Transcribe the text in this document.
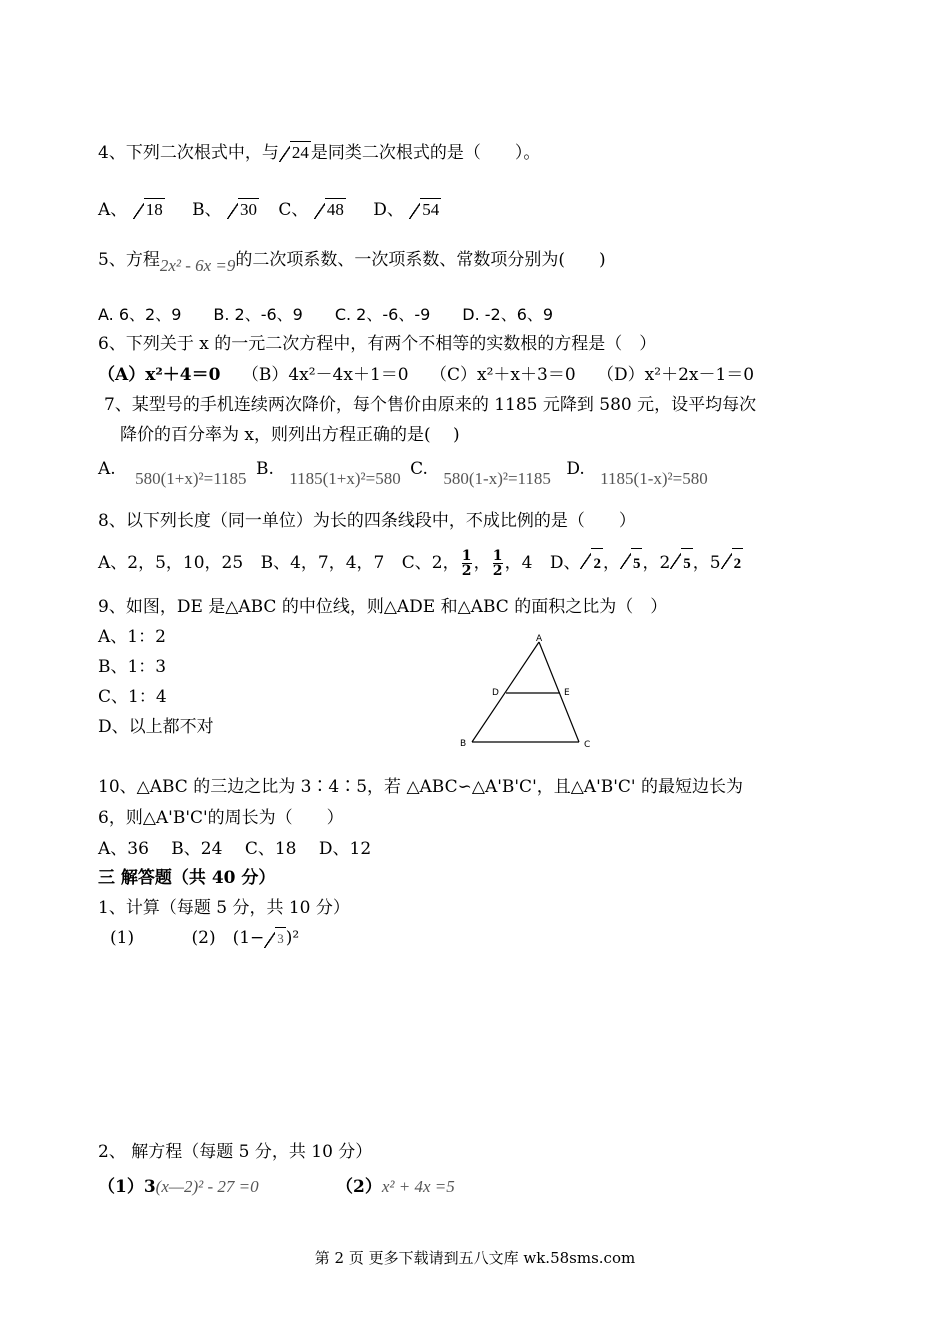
4、下列二次根式中，与 24 是同类二次根式的是（　　）。
A、 18 B、 30 C、 48 D、 54
5、方程2x² - 6x =9的二次项系数、一次项系数、常数项分别为(　　)
A. 6、2、9　　B. 2、-6、9　　C. 2、-6、-9　　D. -2、6、9
6、下列关于 x 的一元二次方程中，有两个不相等的实数根的方程是（　）
（A）x²＋4＝0 （B）4x²－4x＋1＝0 （C）x²＋x＋3＝0 （D）x²＋2x－1＝0
7、某型号的手机连续两次降价，每个售价由原来的 1185 元降到 580 元，设平均每次
降价的百分率为 x，则列出方程正确的是(　 )
A. 580(1+x)²=1185 B. 1185(1+x)²=580 C. 580(1-x)²=1185 D. 1185(1-x)²=580
8、以下列长度（同一单位）为长的四条线段中，不成比例的是（　　）
A、2，5，10，25 B、4，7，4，7 C、2， $\frac{1}{2}$ ， $\frac{1}{2}$ ，4 D、 2 ， 5 ，2 5 ，5 2
9、如图，DE 是△ABC 的中位线，则△ADE 和△ABC 的面积之比为（　）
A、1：2
B、1：3
C、1：4
D、以上都不对
A
D	E
B	C
10、△ABC 的三边之比为 3∶4∶5，若 △ABC∽△A'B'C'，且△A'B'C' 的最短边长为
6，则△A'B'C'的周长为（　　）
A、36　 B、24　 C、18　 D、12
三 解答题（共 40 分）
1、计算（每题 5 分，共 10 分）
(1)	(2)　(1− 3 )²
2、 解方程（每题 5 分，共 10 分）
（1）3(x—2)² - 27 =0	（2）x² + 4x =5
第 2 页 更多下载请到五八文库 wk.58sms.com
